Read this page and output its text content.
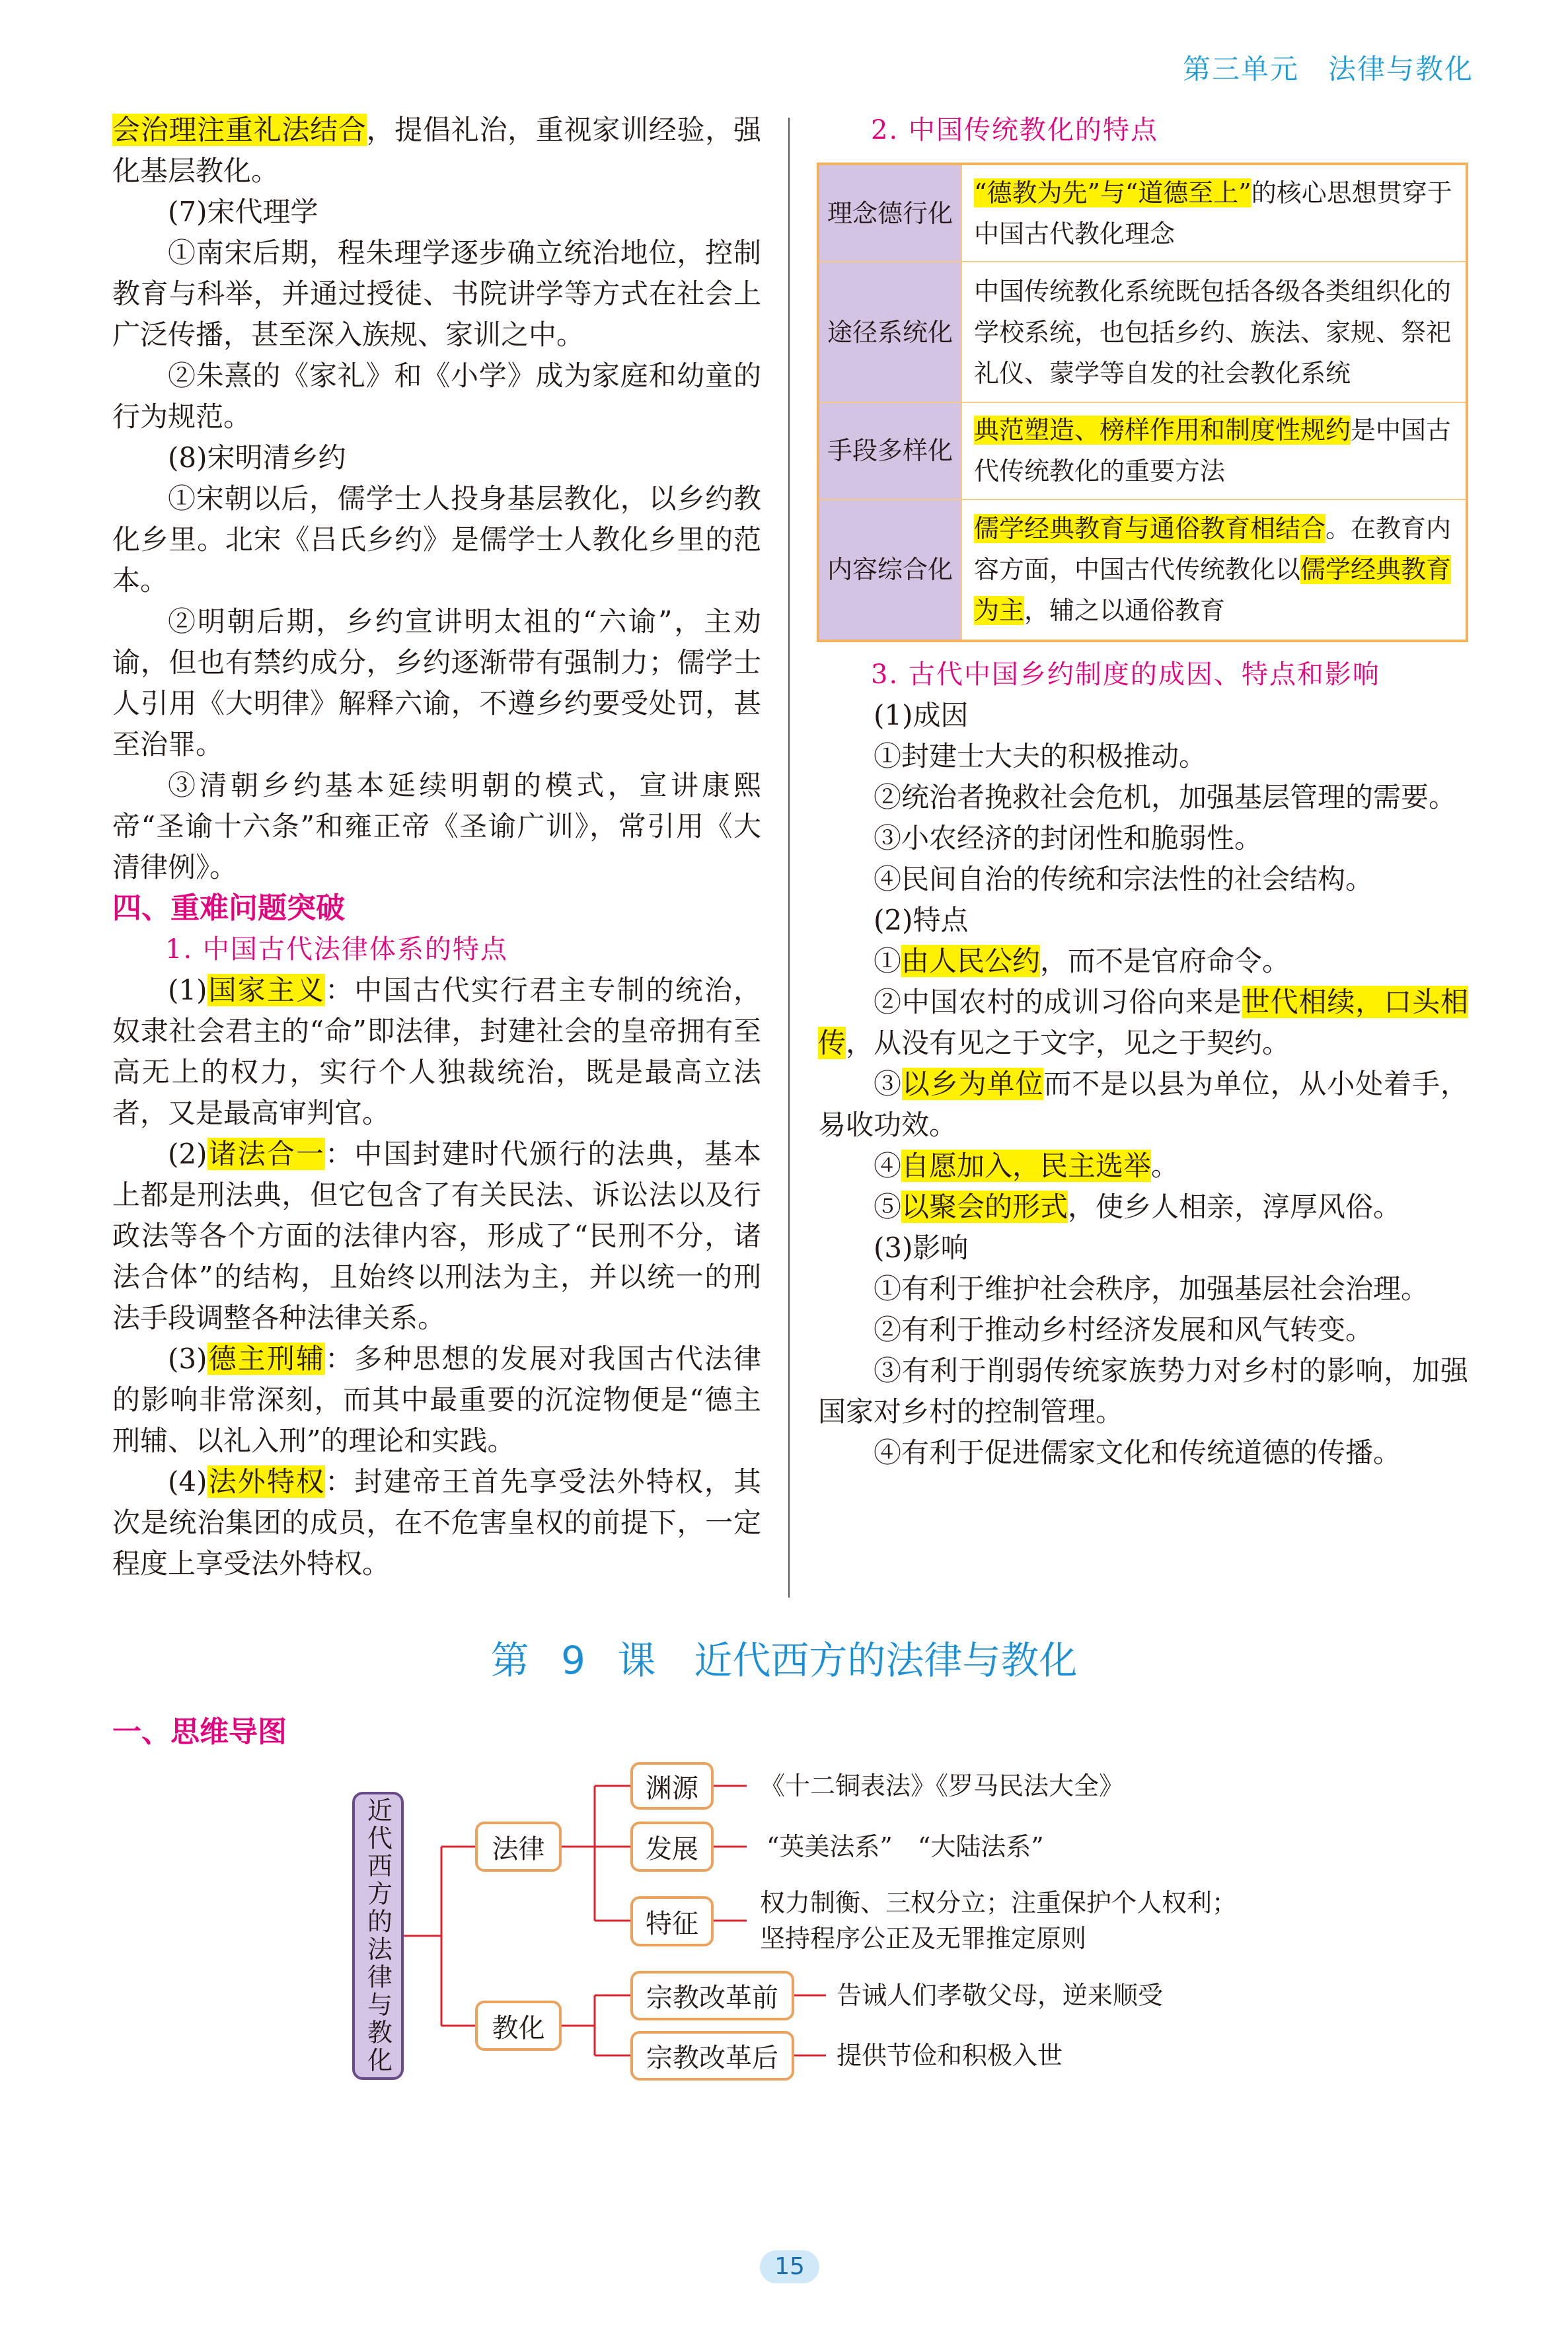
第三单元　法律与教化

会治理注重礼法结合，提倡礼治，重视家训经验，强化基层教化。

(7)宋代理学

①南宋后期，程朱理学逐步确立统治地位，控制教育与科举，并通过授徒、书院讲学等方式在社会上广泛传播，甚至深入族规、家训之中。

②朱熹的《家礼》和《小学》成为家庭和幼童的行为规范。

(8)宋明清乡约

①宋朝以后，儒学士人投身基层教化，以乡约教化乡里。北宋《吕氏乡约》是儒学士人教化乡里的范本。

②明朝后期，乡约宣讲明太祖的“六谕”，主劝谕，但也有禁约成分，乡约逐渐带有强制力；儒学士人引用《大明律》解释六谕，不遵乡约要受处罚，甚至治罪。

③清朝乡约基本延续明朝的模式，宣讲康熙帝“圣谕十六条”和雍正帝《圣谕广训》，常引用《大清律例》。

四、重难问题突破

1. 中国古代法律体系的特点

(1)国家主义：中国古代实行君主专制的统治，奴隶社会君主的“命”即法律，封建社会的皇帝拥有至高无上的权力，实行个人独裁统治，既是最高立法者，又是最高审判官。

(2)诸法合一：中国封建时代颁行的法典，基本上都是刑法典，但它包含了有关民法、诉讼法以及行政法等各个方面的法律内容，形成了“民刑不分，诸法合体”的结构，且始终以刑法为主，并以统一的刑法手段调整各种法律关系。

(3)德主刑辅：多种思想的发展对我国古代法律的影响非常深刻，而其中最重要的沉淀物便是“德主刑辅、以礼入刑”的理论和实践。

(4)法外特权：封建帝王首先享受法外特权，其次是统治集团的成员，在不危害皇权的前提下，一定程度上享受法外特权。

2. 中国传统教化的特点

理念德行化	“德教为先”与“道德至上”的核心思想贯穿于中国古代教化理念
途径系统化	中国传统教化系统既包括各级各类组织化的学校系统，也包括乡约、族法、家规、祭祀礼仪、蒙学等自发的社会教化系统
手段多样化	典范塑造、榜样作用和制度性规约是中国古代传统教化的重要方法
内容综合化	儒学经典教育与通俗教育相结合。在教育内容方面，中国古代传统教化以儒学经典教育为主，辅之以通俗教育

3. 古代中国乡约制度的成因、特点和影响

(1)成因

①封建士大夫的积极推动。

②统治者挽救社会危机，加强基层管理的需要。

③小农经济的封闭性和脆弱性。

④民间自治的传统和宗法性的社会结构。

(2)特点

①由人民公约，而不是官府命令。

②中国农村的成训习俗向来是世代相续，口头相传，从没有见之于文字，见之于契约。

③以乡为单位而不是以县为单位，从小处着手，易收功效。

④自愿加入，民主选举。

⑤以聚会的形式，使乡人相亲，淳厚风俗。

(3)影响

①有利于维护社会秩序，加强基层社会治理。

②有利于推动乡村经济发展和风气转变。

③有利于削弱传统家族势力对乡村的影响，加强国家对乡村的控制管理。

④有利于促进儒家文化和传统道德的传播。

第 9 课　近代西方的法律与教化
一、思维导图
近代西方的法律与教化	法律
教化
渊源
发展
特征
宗教改革前
宗教改革后
《十二铜表法》《罗马民法大全》
“英美法系”　“大陆法系”
权力制衡、三权分立；注重保护个人权利；
坚持程序公正及无罪推定原则
告诫人们孝敬父母，逆来顺受
提供节俭和积极入世
15
